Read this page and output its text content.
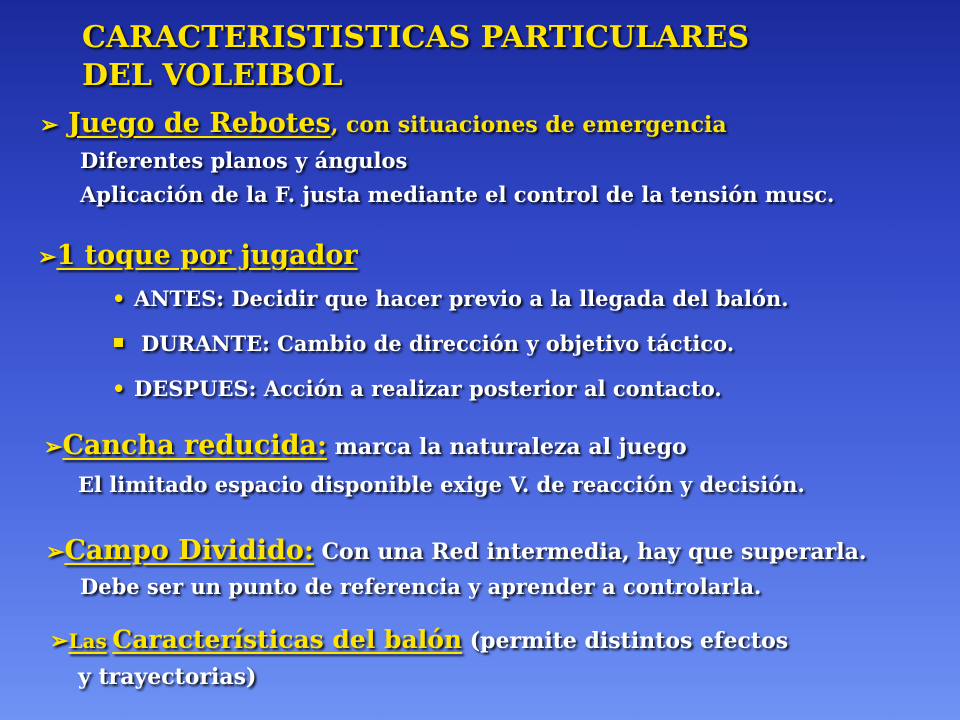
CARACTERISTISTICAS PARTICULARES
DEL VOLEIBOL
➢ Juego de Rebotes, con situaciones de emergencia
Diferentes planos y ángulos
Aplicación de la F. justa mediante el control de la tensión musc.
➢1 toque por jugador
• ANTES: Decidir que hacer previo a la llegada del balón.
DURANTE: Cambio de dirección y objetivo táctico.
• DESPUES: Acción a realizar posterior al contacto.
➢Cancha reducida: marca la naturaleza al juego
El limitado espacio disponible exige V. de reacción y decisión.
➢Campo Dividido: Con una Red intermedia, hay que superarla.
Debe ser un punto de referencia y aprender a controlarla.
➢Las Características del balón (permite distintos efectos
y trayectorias)
